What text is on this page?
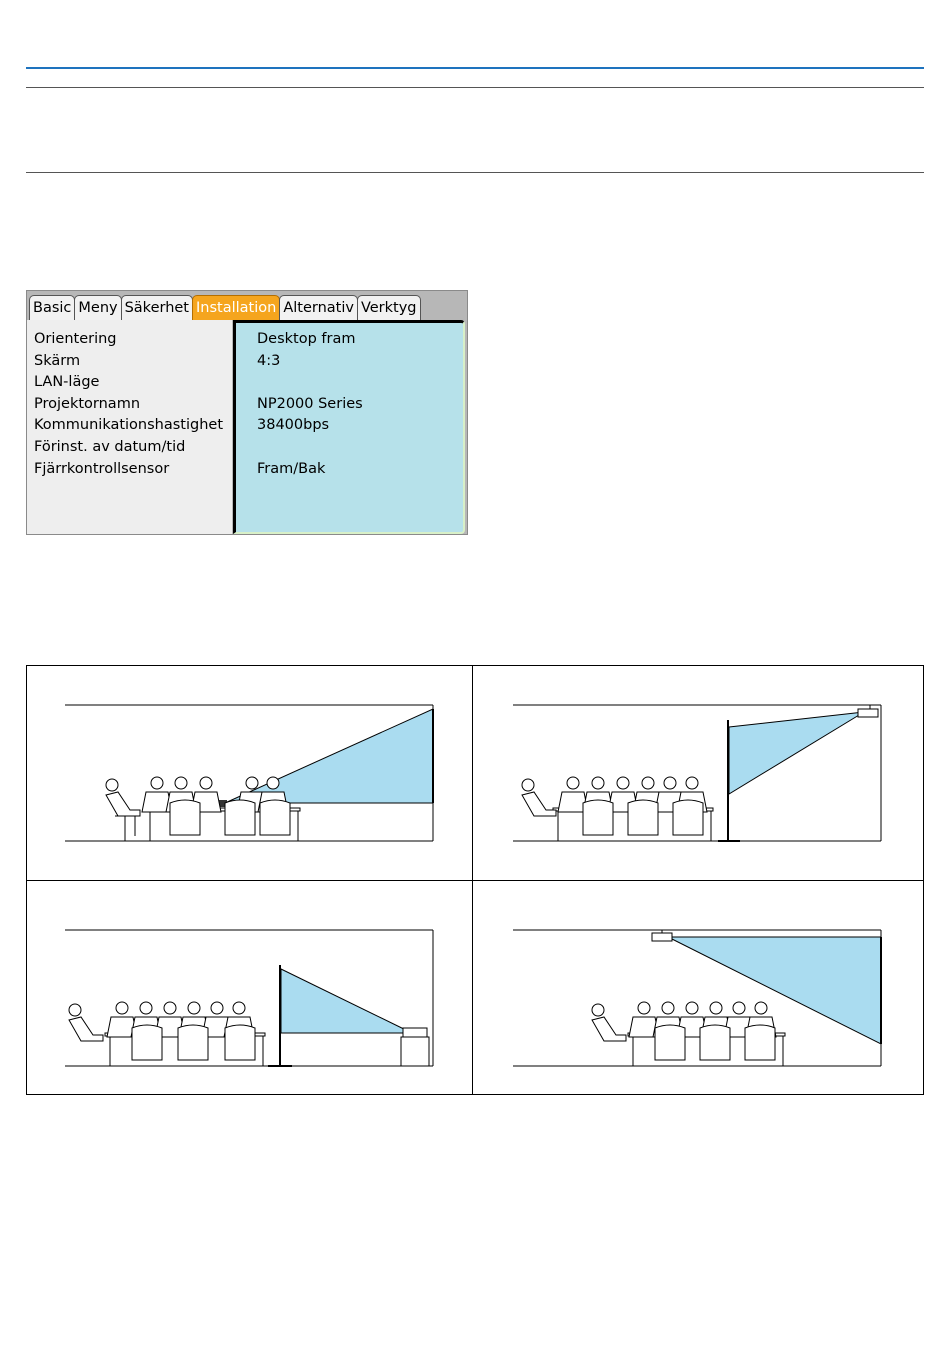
Basic Meny Säkerhet Installation Alternativ Verktyg
Orientering
Skärm
LAN-läge
Projektornamn
Kommunikationshastighet
Förinst. av datum/tid
Fjärrkontrollsensor
Desktop fram
4:3
NP2000 Series
38400bps
Fram/Bak
